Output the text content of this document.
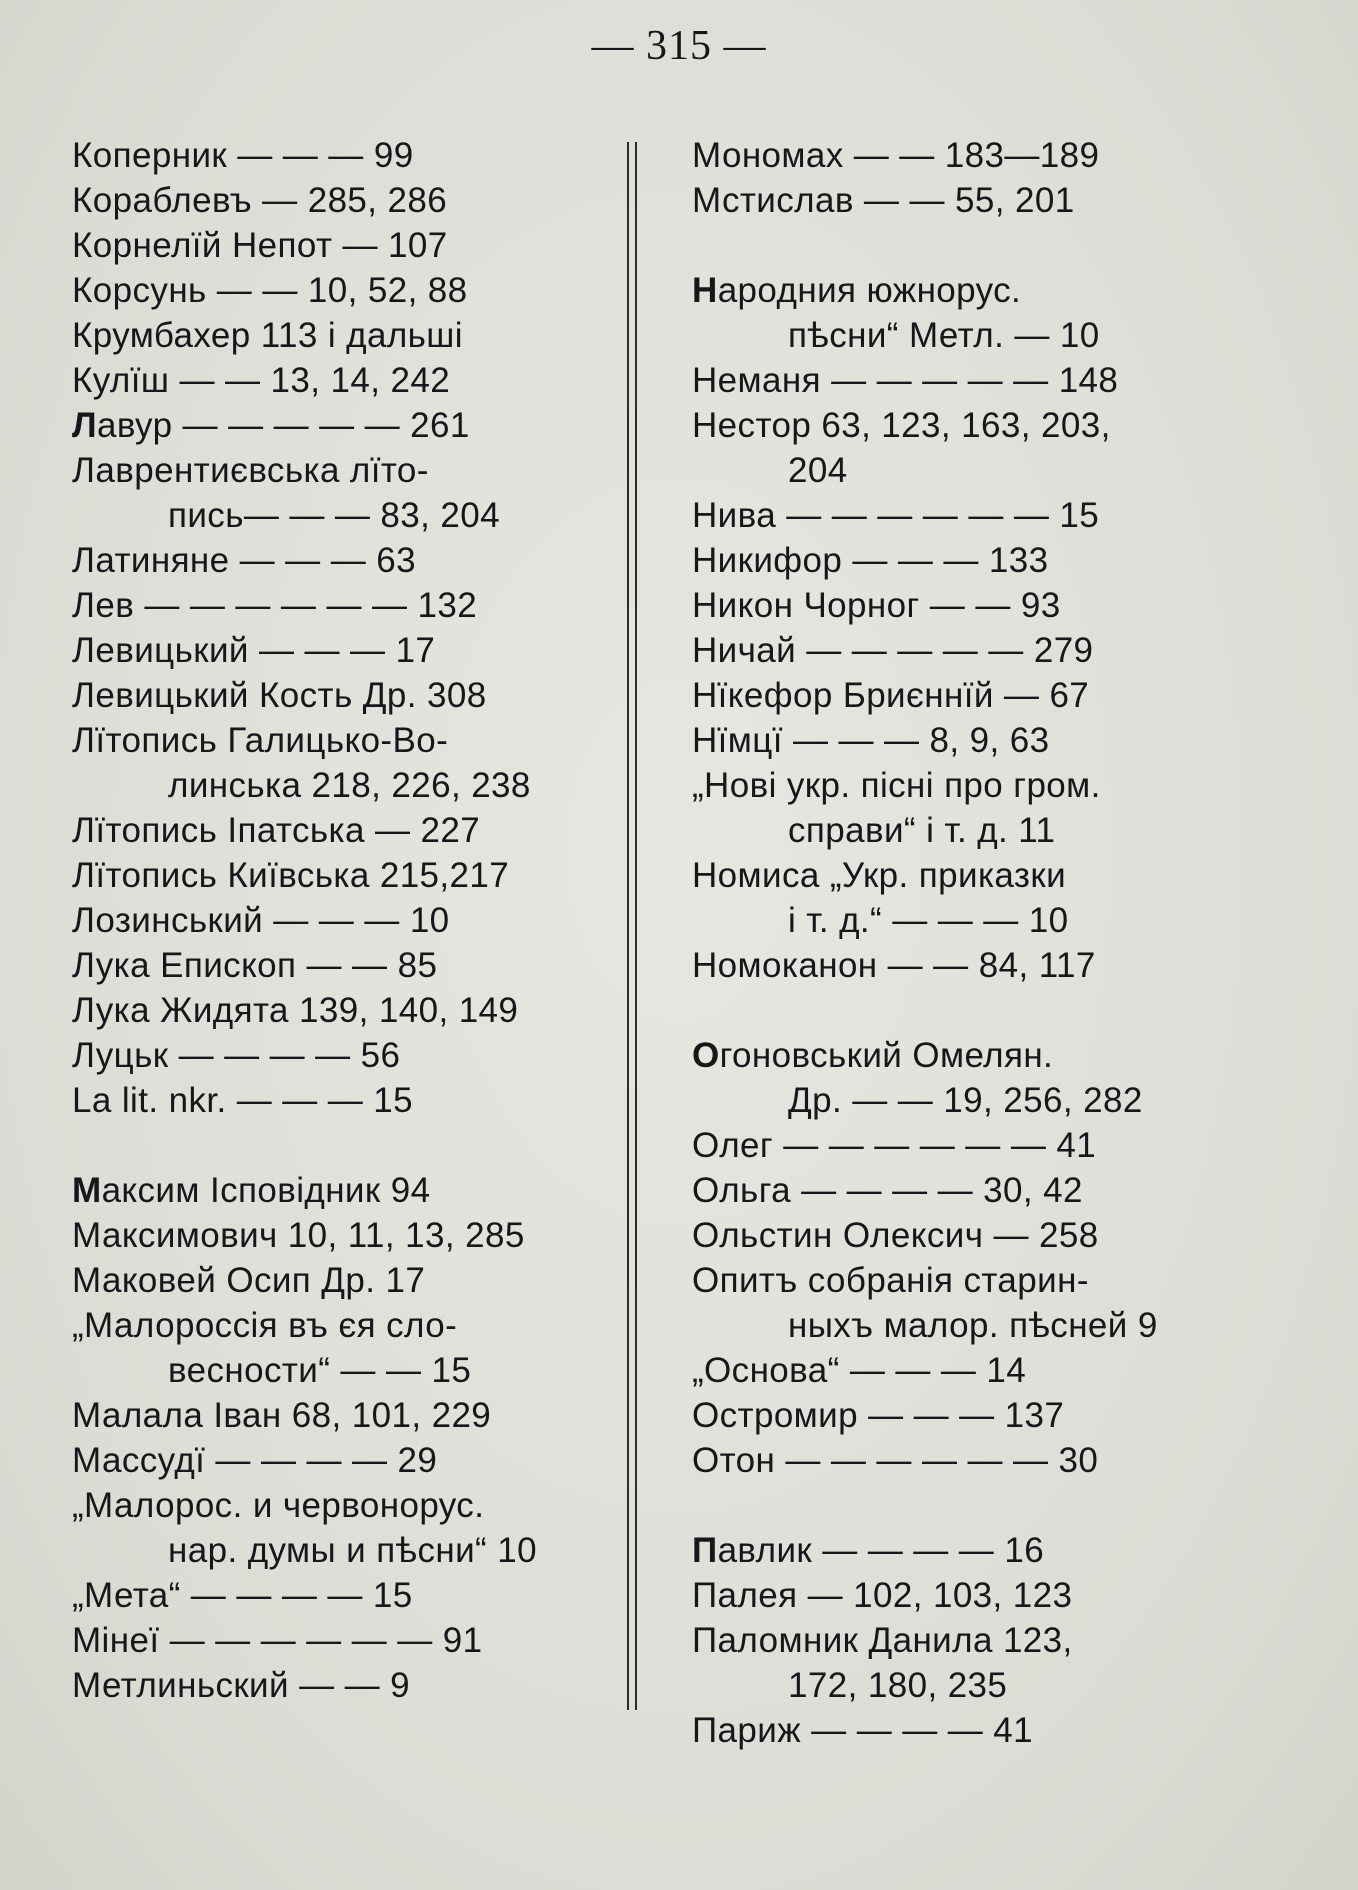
— 315 —
Коперник — — — 99
Кораблевъ — 285, 286
Корнелїй Непот — 107
Корсунь — — 10, 52, 88
Крумбахер 113 і дальші
Кулїш — — 13, 14, 242
Лавур — — — — — 261
Лаврентиєвська лїто-
пись— — — 83, 204
Латиняне — — — 63
Лев — — — — — — 132
Левицький — — — 17
Левицький Кость Др. 308
Лїтопись Галицько-Во-
линська 218, 226, 238
Лїтопись Іпатська — 227
Лїтопись Київська 215,217
Лозинський — — — 10
Лука Епископ — — 85
Лука Жидята 139, 140, 149
Луцьк — — — — 56
La lit. nkr. — — — 15
Максим Ісповідник 94
Максимович 10, 11, 13, 285
Маковей Осип Др. 17
„Малороссія въ єя сло-
весности“ — — 15
Малала Іван 68, 101, 229
Массудї — — — — 29
„Малорос. и червонорус.
нар. думы и пѣсни“ 10
„Мета“ — — — — 15
Мінеї — — — — — — 91
Метлиньский — — 9
Мономах — — 183—189
Мстислав — — 55, 201
Народния южнорус.
пѣсни“ Метл. — 10
Неманя — — — — — 148
Нестор 63, 123, 163, 203,
204
Нива — — — — — — 15
Никифор — — — 133
Никон Чорног — — 93
Ничай — — — — — 279
Нїкефор Бриєннїй — 67
Нїмцї — — — 8, 9, 63
„Нові укр. пісні про гром.
справи“ і т. д. 11
Номиса „Укр. приказки
і т. д.“ — — — 10
Номоканон — — 84, 117
Огоновський Омелян.
Др. — — 19, 256, 282
Олег — — — — — — 41
Ольга — — — — 30, 42
Ольстин Олексич — 258
Опитъ собранія старин-
ныхъ малор. пѣсней 9
„Основа“ — — — 14
Остромир — — — 137
Отон — — — — — — 30
Павлик — — — — 16
Палея — 102, 103, 123
Паломник Данила 123,
172, 180, 235
Париж — — — — 41
